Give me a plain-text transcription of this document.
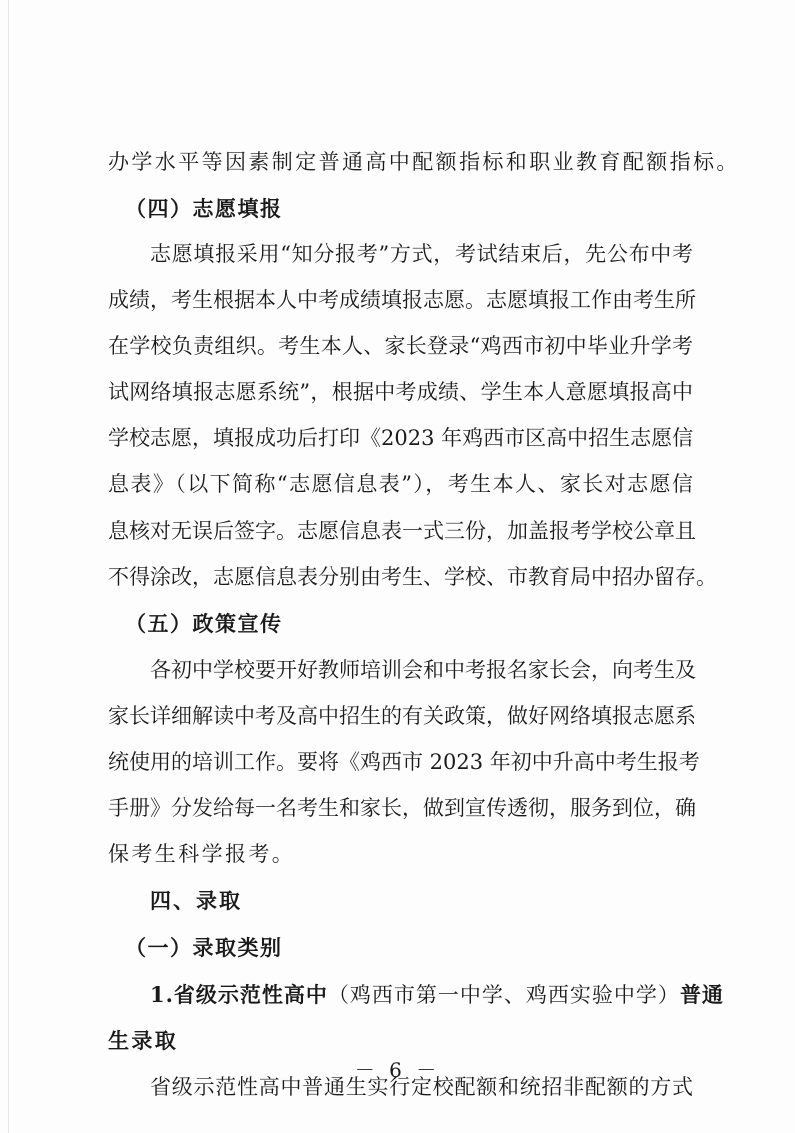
办学水平等因素制定普通高中配额指标和职业教育配额指标。
（四）志愿填报
志愿填报采用“知分报考”方式，考试结束后，先公布中考
成绩，考生根据本人中考成绩填报志愿。志愿填报工作由考生所
在学校负责组织。考生本人、家长登录“鸡西市初中毕业升学考
试网络填报志愿系统”，根据中考成绩、学生本人意愿填报高中
学校志愿，填报成功后打印《2023 年鸡西市区高中招生志愿信
息表》（以下简称“志愿信息表”），考生本人、家长对志愿信
息核对无误后签字。志愿信息表一式三份，加盖报考学校公章且
不得涂改，志愿信息表分别由考生、学校、市教育局中招办留存。
（五）政策宣传
各初中学校要开好教师培训会和中考报名家长会，向考生及
家长详细解读中考及高中招生的有关政策，做好网络填报志愿系
统使用的培训工作。要将《鸡西市 2023 年初中升高中考生报考
手册》分发给每一名考生和家长，做到宣传透彻，服务到位，确
保考生科学报考。
四、录取
（一）录取类别
1.省级示范性高中（鸡西市第一中学、鸡西实验中学）普通
生录取
省级示范性高中普通生实行定校配额和统招非配额的方式
－ 6 －
